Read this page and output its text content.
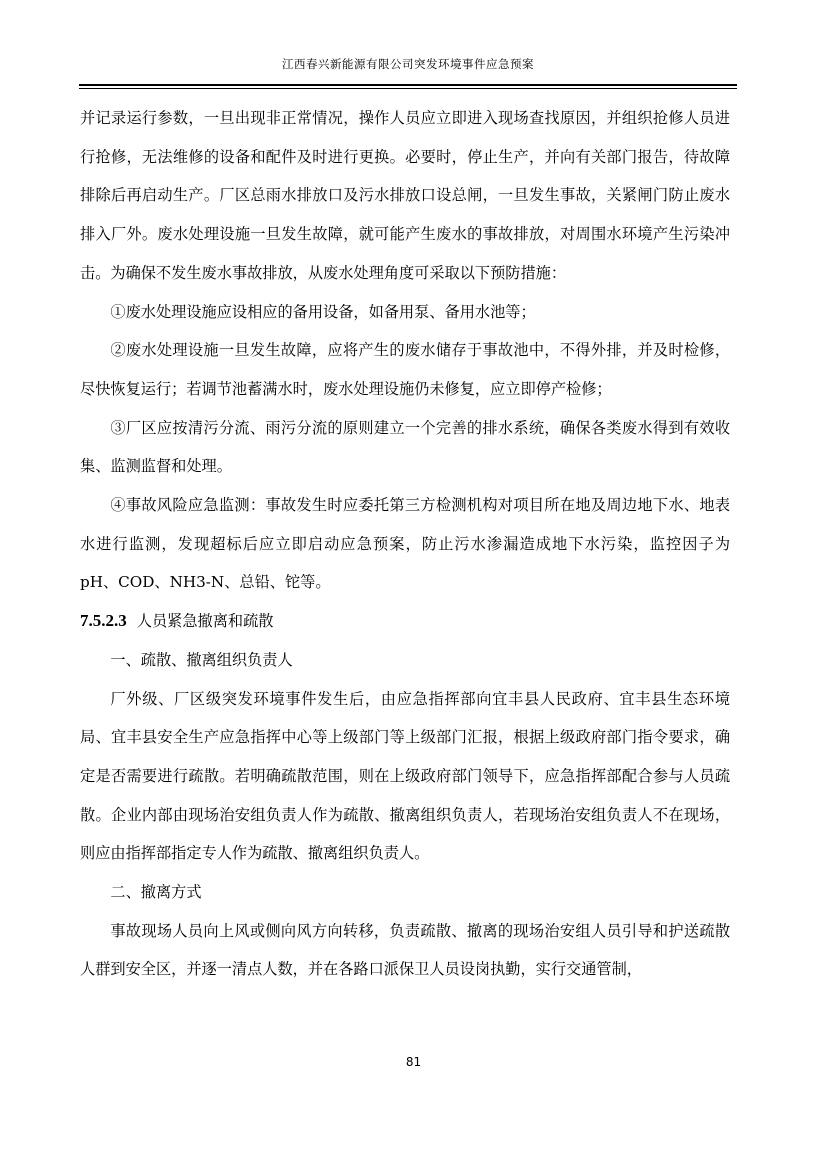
江西春兴新能源有限公司突发环境事件应急预案

并记录运行参数，一旦出现非正常情况，操作人员应立即进入现场查找原因，并组织抢修人员进行抢修，无法维修的设备和配件及时进行更换。必要时，停止生产，并向有关部门报告，待故障排除后再启动生产。厂区总雨水排放口及污水排放口设总闸，一旦发生事故，关紧闸门防止废水排入厂外。废水处理设施一旦发生故障，就可能产生废水的事故排放，对周围水环境产生污染冲击。为确保不发生废水事故排放，从废水处理角度可采取以下预防措施：

①废水处理设施应设相应的备用设备，如备用泵、备用水池等；

②废水处理设施一旦发生故障，应将产生的废水储存于事故池中，不得外排，并及时检修，尽快恢复运行；若调节池蓄满水时，废水处理设施仍未修复，应立即停产检修；

③厂区应按清污分流、雨污分流的原则建立一个完善的排水系统，确保各类废水得到有效收集、监测监督和处理。

④事故风险应急监测：事故发生时应委托第三方检测机构对项目所在地及周边地下水、地表水进行监测，发现超标后应立即启动应急预案，防止污水渗漏造成地下水污染，监控因子为 pH、COD、NH3-N、总铅、铊等。

7.5.2.3 人员紧急撤离和疏散

一、疏散、撤离组织负责人

厂外级、厂区级突发环境事件发生后，由应急指挥部向宜丰县人民政府、宜丰县生态环境局、宜丰县安全生产应急指挥中心等上级部门等上级部门汇报，根据上级政府部门指令要求，确定是否需要进行疏散。若明确疏散范围，则在上级政府部门领导下，应急指挥部配合参与人员疏散。企业内部由现场治安组负责人作为疏散、撤离组织负责人，若现场治安组负责人不在现场，则应由指挥部指定专人作为疏散、撤离组织负责人。

二、撤离方式

事故现场人员向上风或侧向风方向转移，负责疏散、撤离的现场治安组人员引导和护送疏散人群到安全区，并逐一清点人数，并在各路口派保卫人员设岗执勤，实行交通管制，

81
